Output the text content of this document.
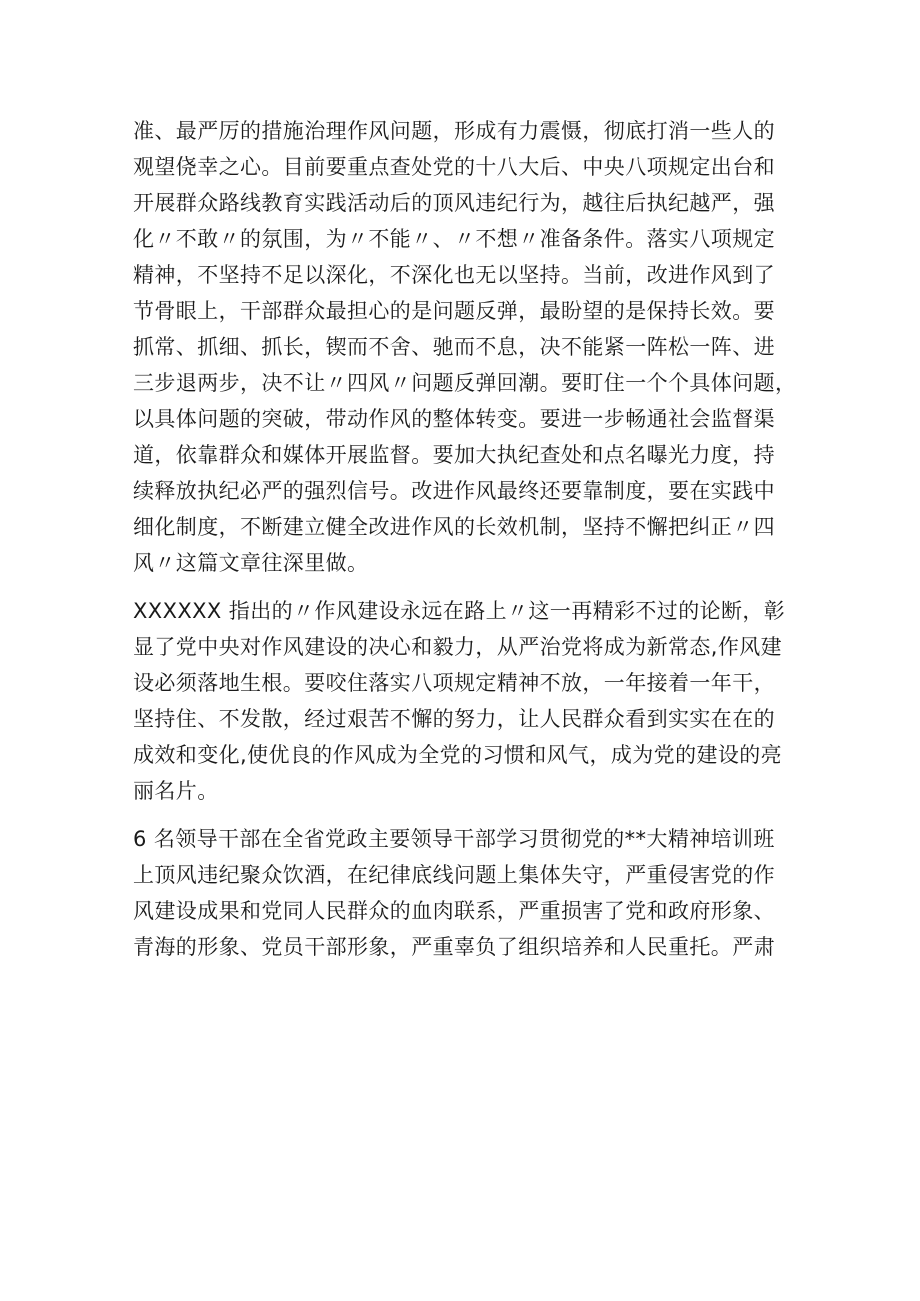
准、最严厉的措施治理作风问题，形成有力震慑，彻底打消一些人的
观望侥幸之心。目前要重点查处党的十八大后、中央八项规定出台和
开展群众路线教育实践活动后的顶风违纪行为，越往后执纪越严，强
化〃不敢〃的氛围，为〃不能〃、〃不想〃准备条件。落实八项规定
精神，不坚持不足以深化，不深化也无以坚持。当前，改进作风到了
节骨眼上，干部群众最担心的是问题反弹，最盼望的是保持长效。要
抓常、抓细、抓长，锲而不舍、驰而不息，决不能紧一阵松一阵、进
三步退两步，决不让〃四风〃问题反弹回潮。要盯住一个个具体问题，
以具体问题的突破，带动作风的整体转变。要进一步畅通社会监督渠
道，依靠群众和媒体开展监督。要加大执纪查处和点名曝光力度，持
续释放执纪必严的强烈信号。改进作风最终还要靠制度，要在实践中
细化制度，不断建立健全改进作风的长效机制，坚持不懈把纠正〃四
风〃这篇文章往深里做。
XXXXXX 指出的〃作风建设永远在路上〃这一再精彩不过的论断，彰
显了党中央对作风建设的决心和毅力，从严治党将成为新常态,作风建
设必须落地生根。要咬住落实八项规定精神不放，一年接着一年干，
坚持住、不发散，经过艰苦不懈的努力，让人民群众看到实实在在的
成效和变化,使优良的作风成为全党的习惯和风气，成为党的建设的亮
丽名片。
6 名领导干部在全省党政主要领导干部学习贯彻党的**大精神培训班
上顶风违纪聚众饮酒，在纪律底线问题上集体失守，严重侵害党的作
风建设成果和党同人民群众的血肉联系，严重损害了党和政府形象、
青海的形象、党员干部形象，严重辜负了组织培养和人民重托。严肃
